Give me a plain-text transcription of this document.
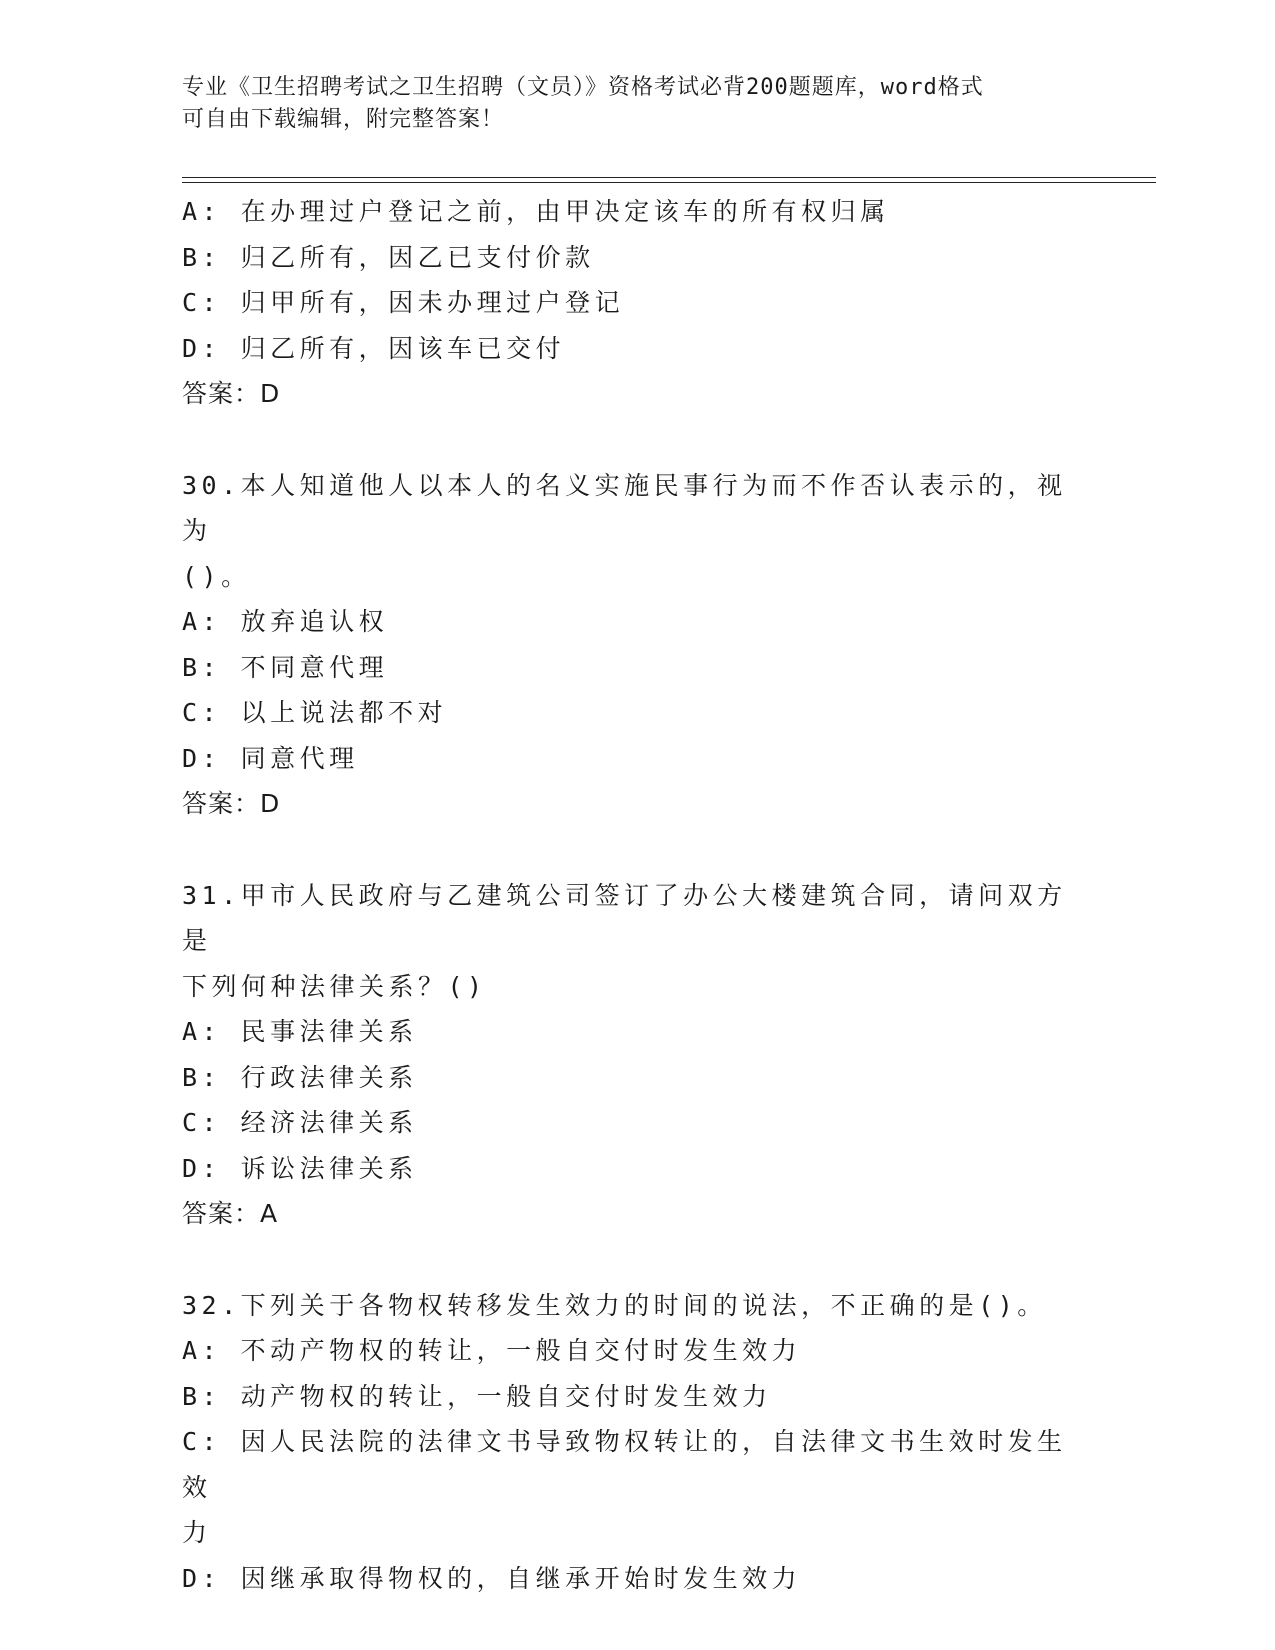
专业《卫生招聘考试之卫生招聘（文员）》资格考试必背200题题库，word格式
可自由下载编辑，附完整答案！
A: 在办理过户登记之前，由甲决定该车的所有权归属
B: 归乙所有，因乙已支付价款
C: 归甲所有，因未办理过户登记
D: 归乙所有，因该车已交付
答案：D
30.本人知道他人以本人的名义实施民事行为而不作否认表示的，视为
()。
A: 放弃追认权
B: 不同意代理
C: 以上说法都不对
D: 同意代理
答案：D
31.甲市人民政府与乙建筑公司签订了办公大楼建筑合同，请问双方是
下列何种法律关系？()
A: 民事法律关系
B: 行政法律关系
C: 经济法律关系
D: 诉讼法律关系
答案：A
32.下列关于各物权转移发生效力的时间的说法，不正确的是()。
A: 不动产物权的转让，一般自交付时发生效力
B: 动产物权的转让，一般自交付时发生效力
C: 因人民法院的法律文书导致物权转让的，自法律文书生效时发生效
力
D: 因继承取得物权的，自继承开始时发生效力
